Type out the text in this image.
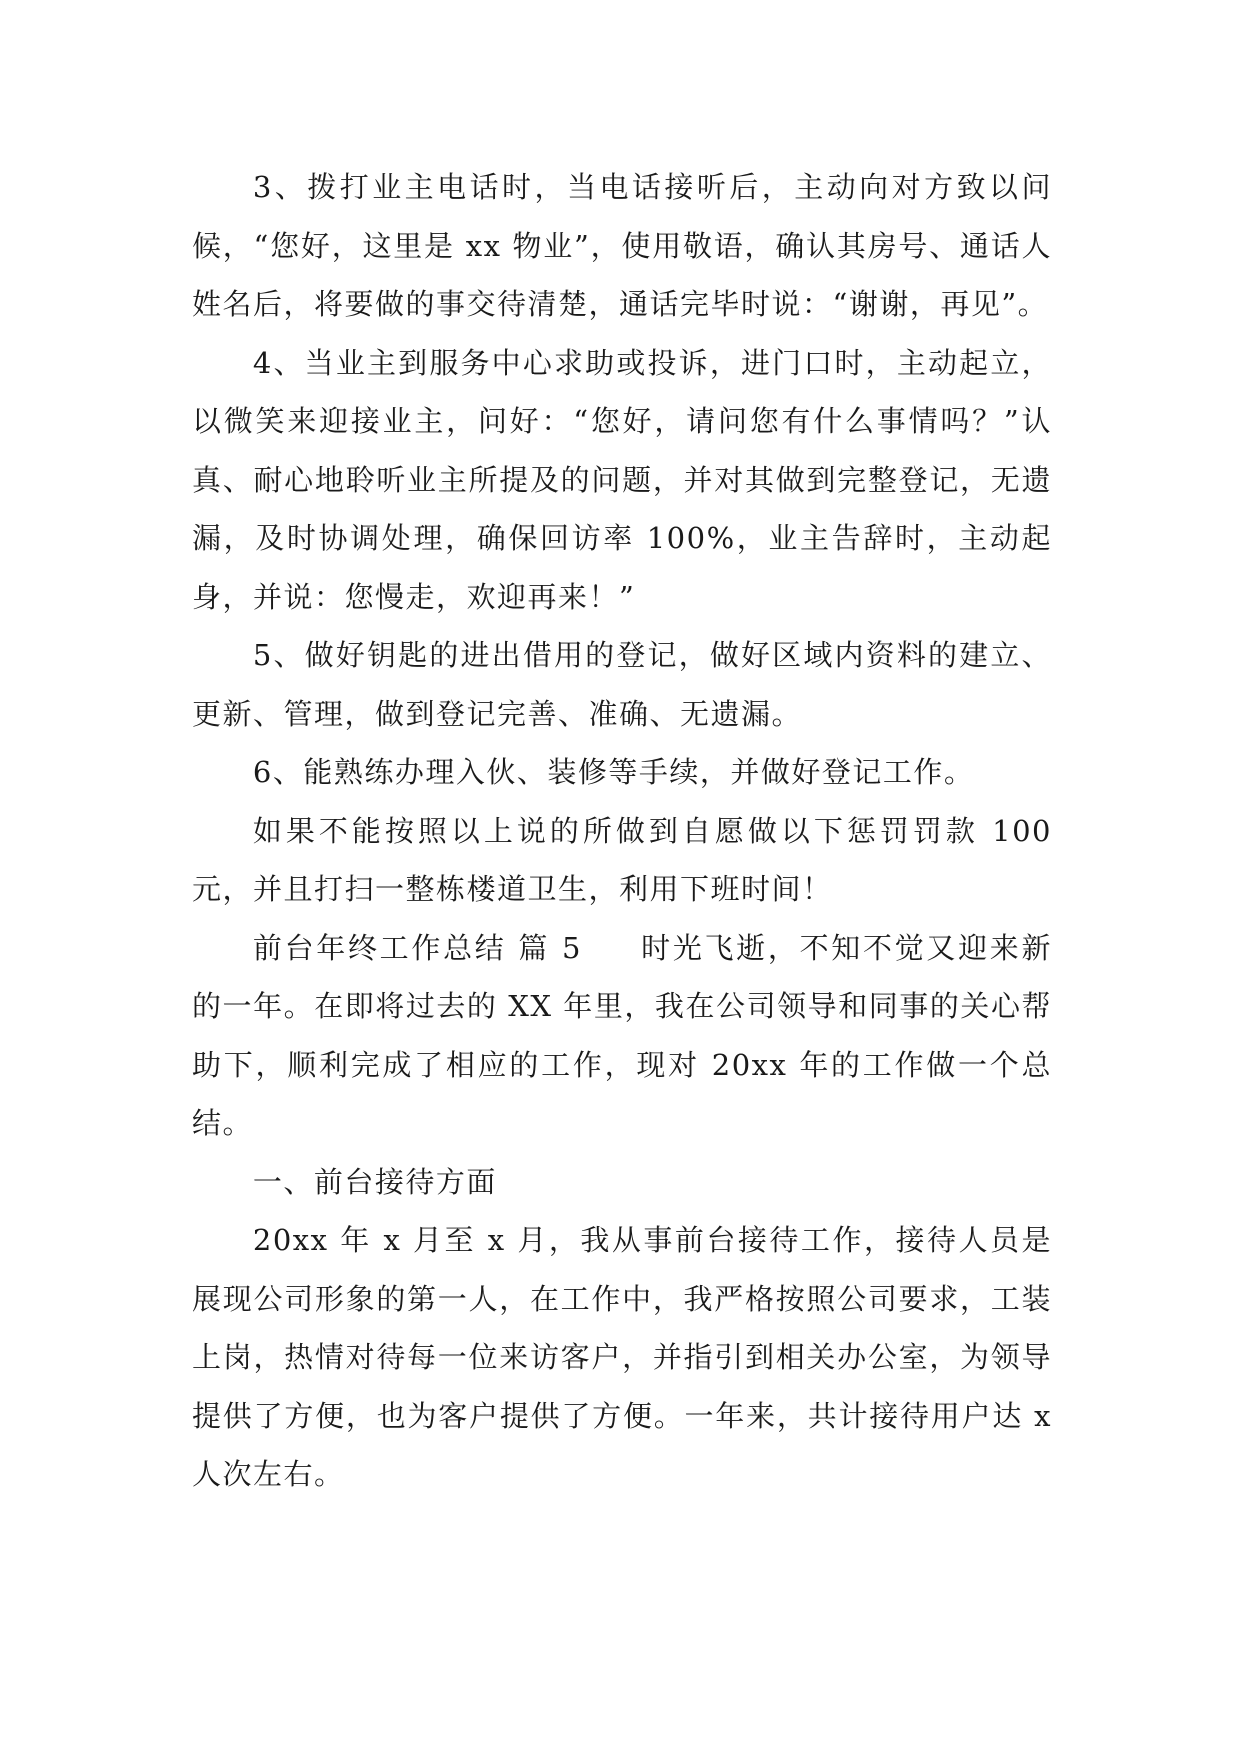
3、拨打业主电话时，当电话接听后，主动向对方致以问候，“您好，这里是 xx 物业”，使用敬语，确认其房号、通话人姓名后，将要做的事交待清楚，通话完毕时说：“谢谢，再见”。

4、当业主到服务中心求助或投诉，进门口时，主动起立，以微笑来迎接业主，问好：“您好，请问您有什么事情吗？”认真、耐心地聆听业主所提及的问题，并对其做到完整登记，无遗漏，及时协调处理，确保回访率 100%，业主告辞时，主动起身，并说：您慢走，欢迎再来！”

5、做好钥匙的进出借用的登记，做好区域内资料的建立、更新、管理，做到登记完善、准确、无遗漏。

6、能熟练办理入伙、装修等手续，并做好登记工作。

如果不能按照以上说的所做到自愿做以下惩罚罚款 100 元，并且打扫一整栋楼道卫生，利用下班时间！

前台年终工作总结 篇 5 时光飞逝，不知不觉又迎来新的一年。在即将过去的 XX 年里，我在公司领导和同事的关心帮助下，顺利完成了相应的工作，现对 20xx 年的工作做一个总结。

一、前台接待方面

20xx 年 x 月至 x 月，我从事前台接待工作，接待人员是展现公司形象的第一人，在工作中，我严格按照公司要求，工装上岗，热情对待每一位来访客户，并指引到相关办公室，为领导提供了方便，也为客户提供了方便。一年来，共计接待用户达 x 人次左右。
